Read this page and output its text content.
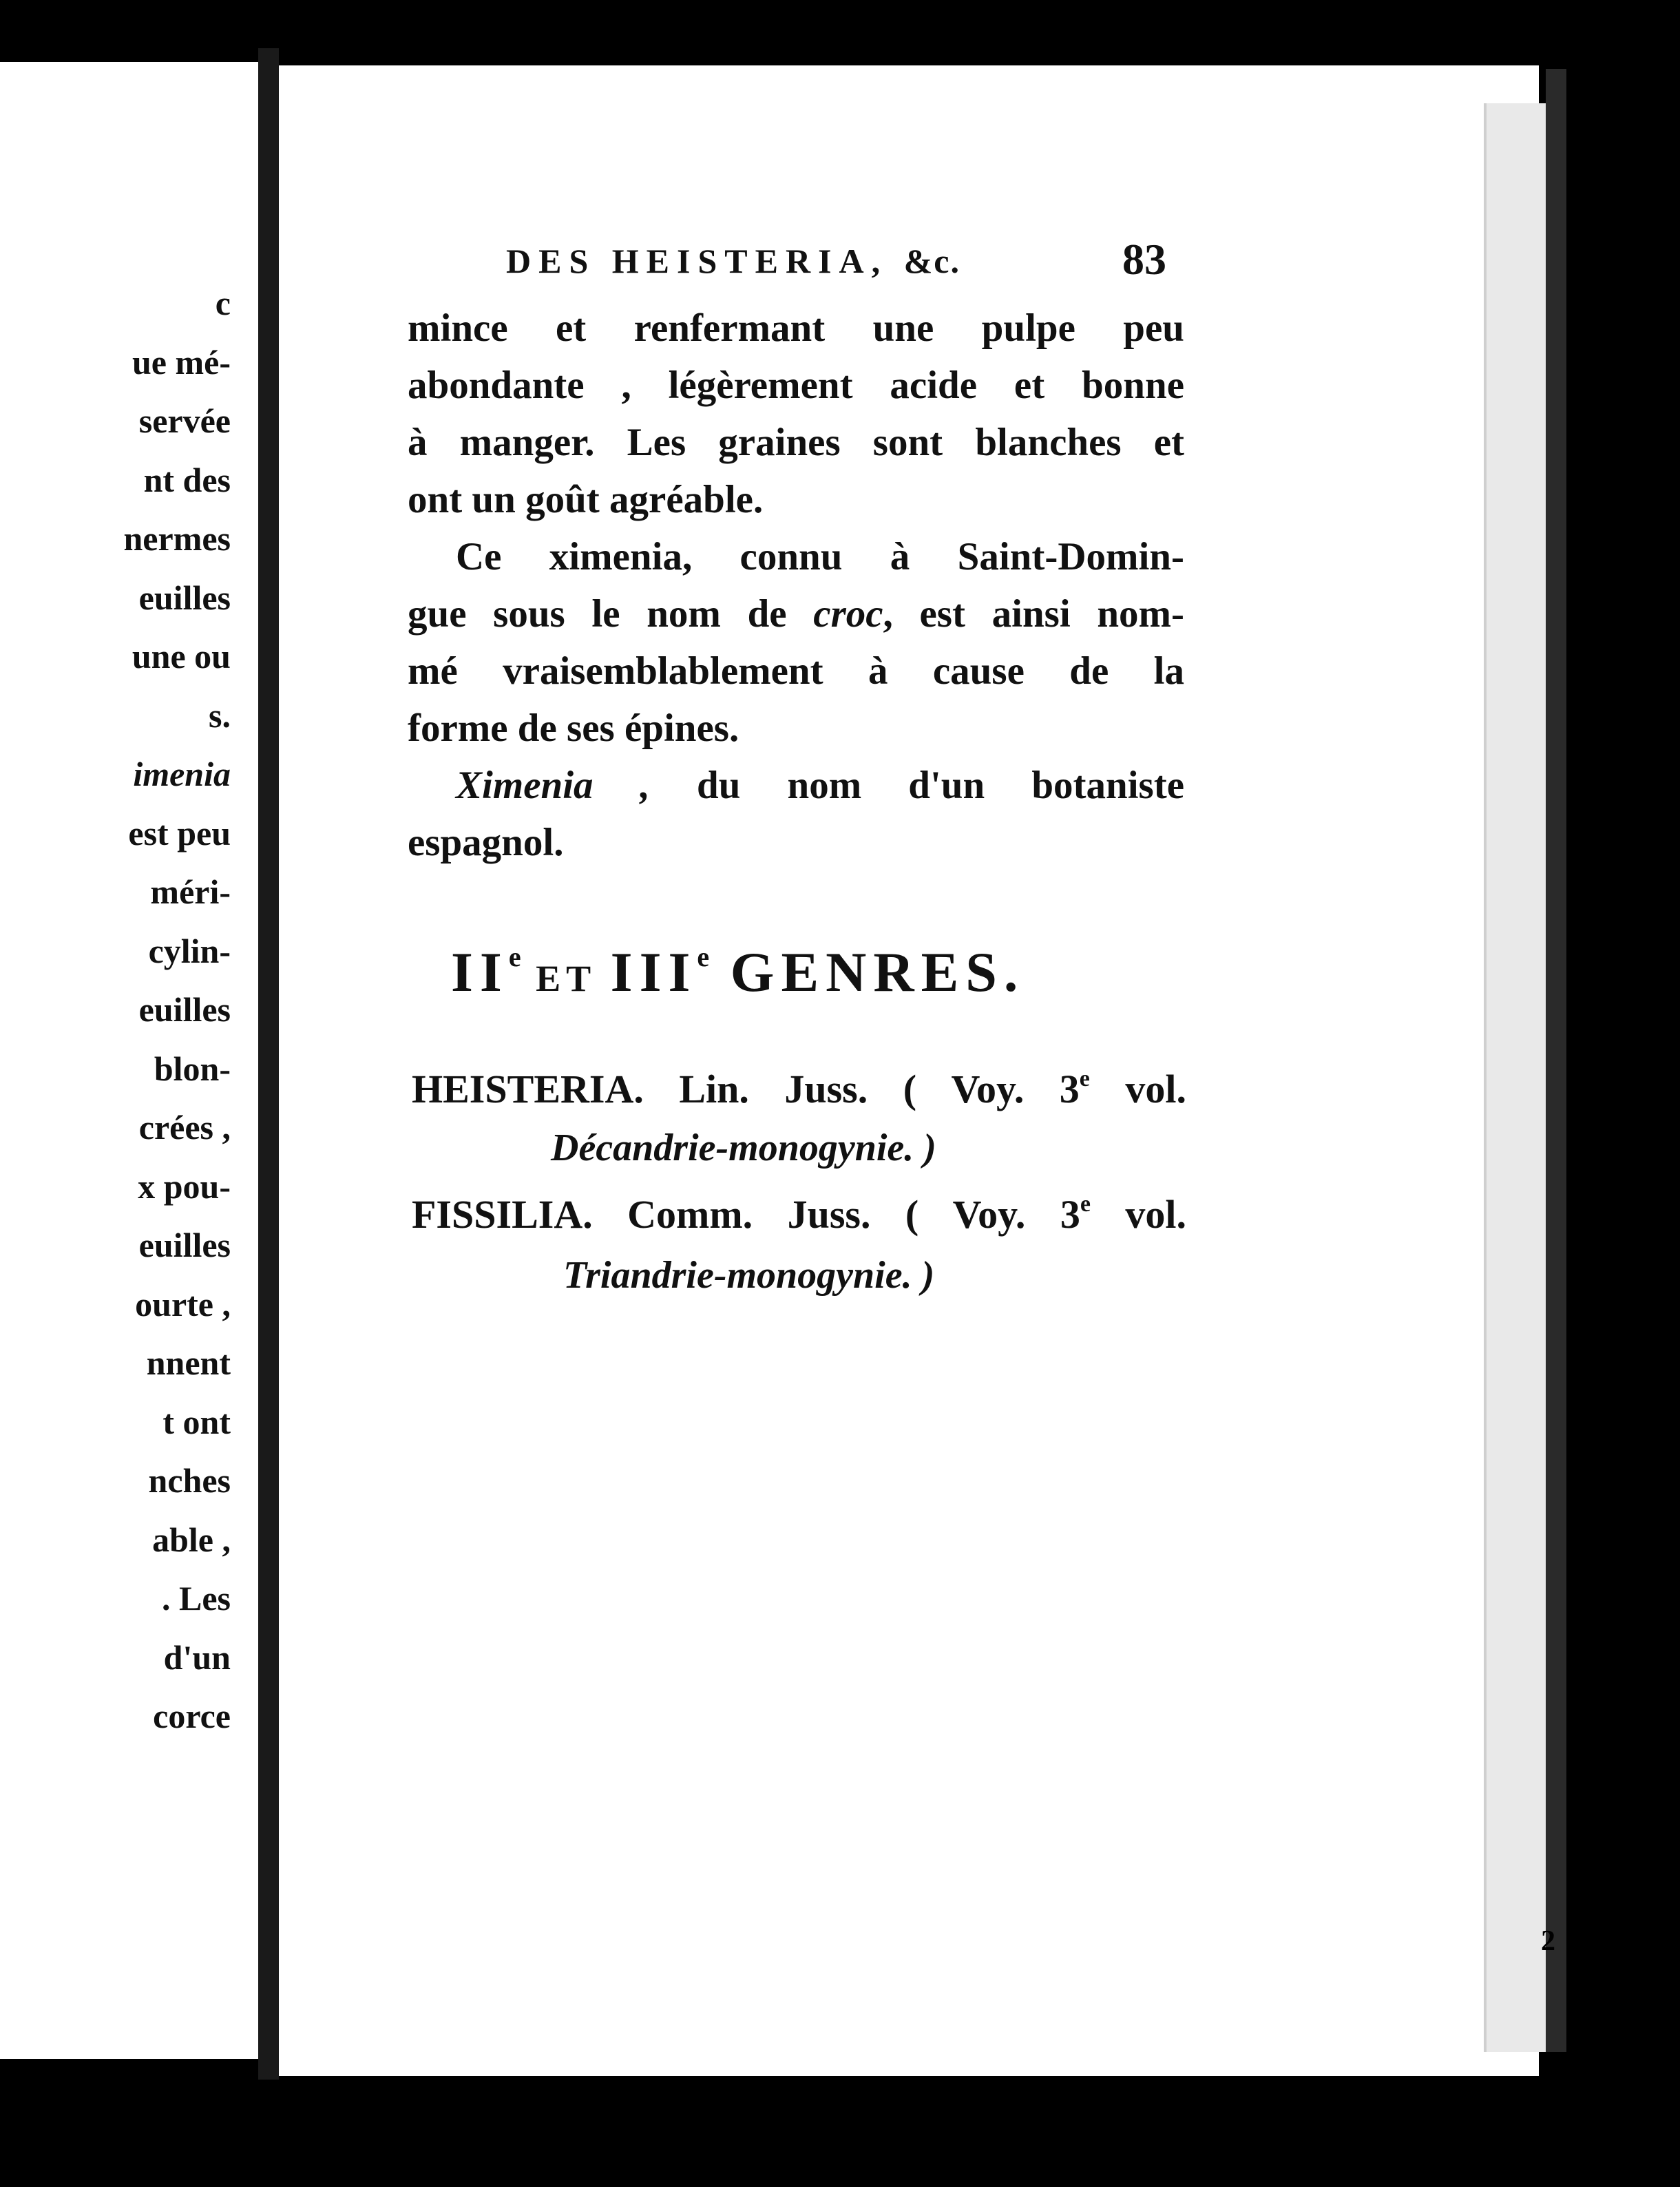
c
ue mé-
servée
nt des
nermes
euilles
une ou
s.
imenia
est peu
méri-
cylin-
euilles
blon-
crées ,
x pou-
euilles
ourte ,
nnent
t ont
nches
able ,
. Les
d'un
corce
2
DES HEISTERIA, &c.	83
mince et renfermant une pulpe peu
abondante , légèrement acide et bonne
à manger. Les graines sont blanches et
ont un goût agréable.
Ce ximenia, connu à Saint-Domin-
gue sous le nom de croc, est ainsi nom-
mé vraisemblablement à cause de la
forme de ses épines.
Ximenia , du nom d'un botaniste
espagnol.
IIe ET IIIe GENRES.
HEISTERIA. Lin. Juss. ( Voy. 3e vol.
Décandrie-monogynie. )
FISSILIA. Comm. Juss. ( Voy. 3e vol.
Triandrie-monogynie. )
